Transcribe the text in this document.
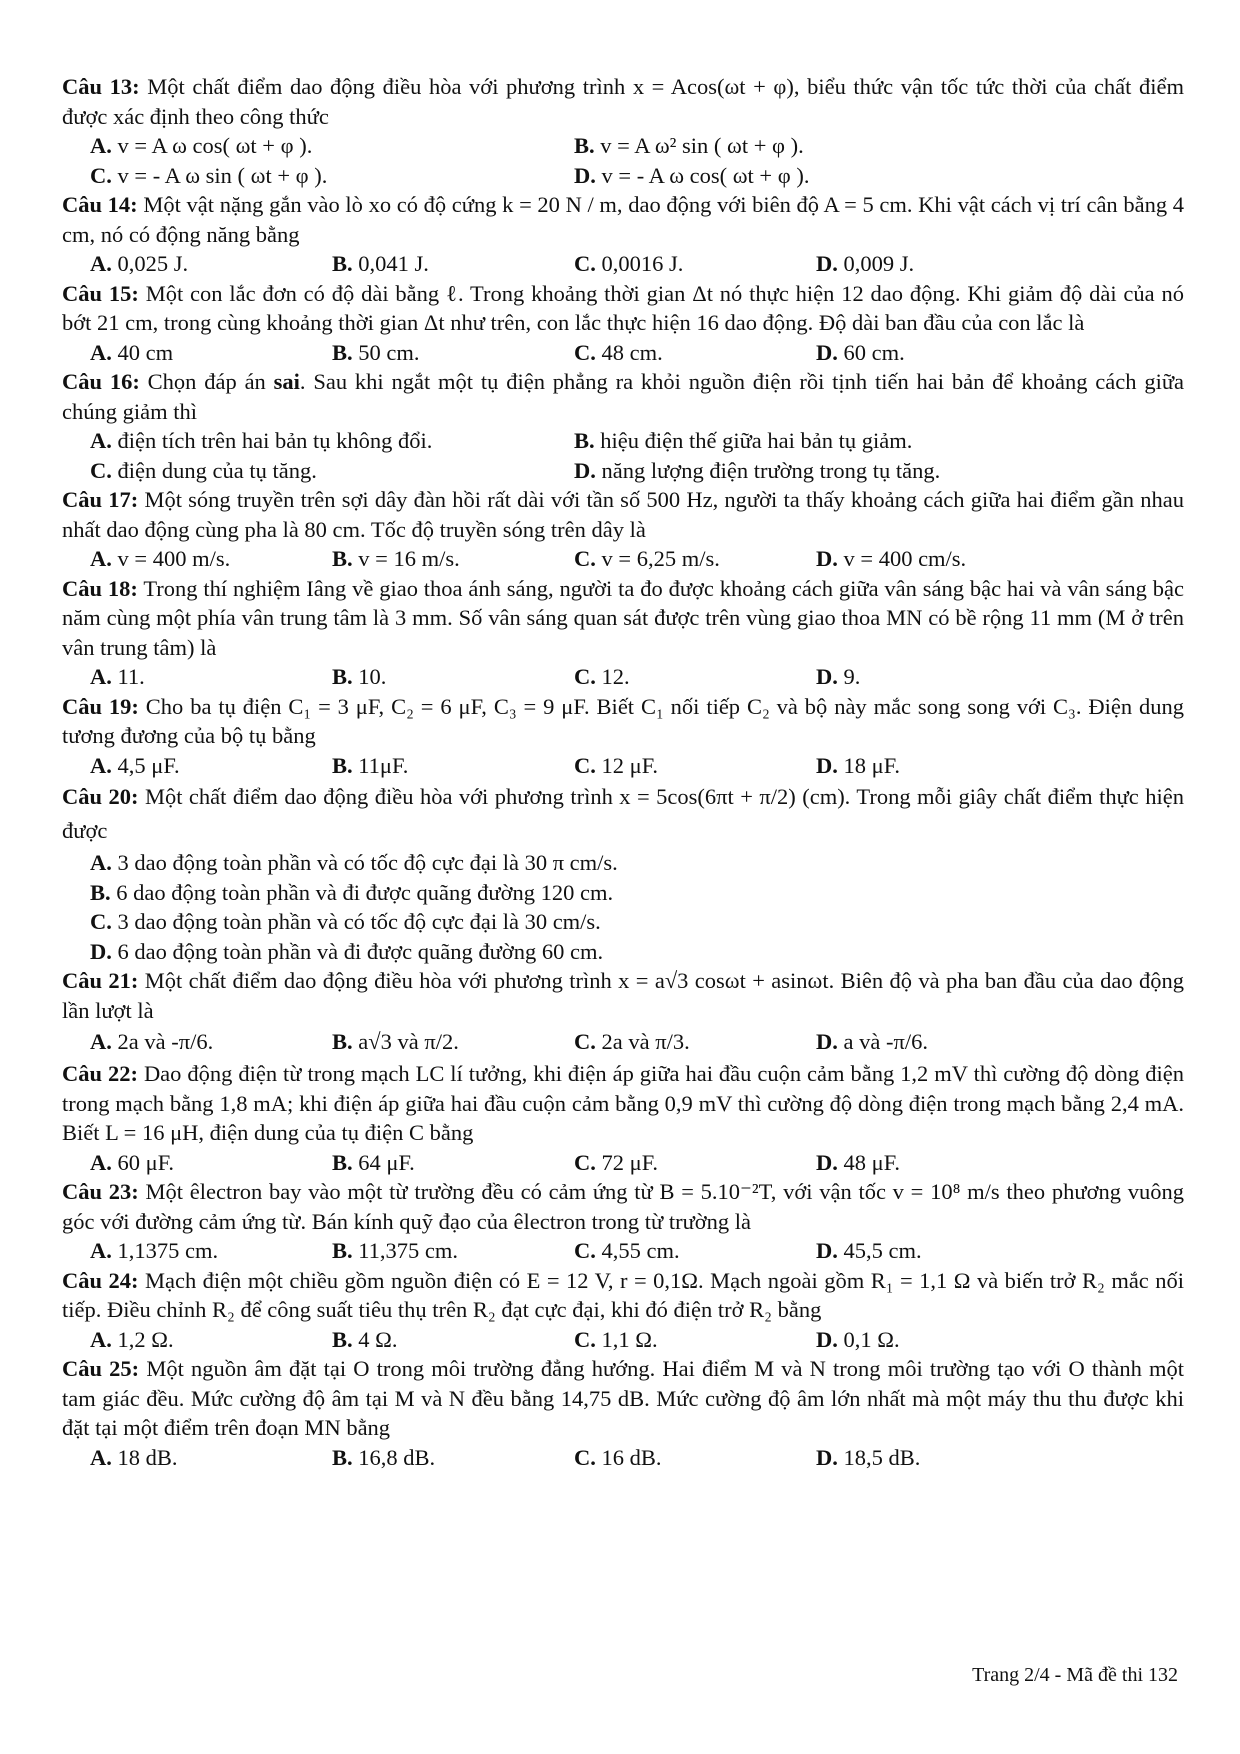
Câu 13: Một chất điểm dao động điều hòa với phương trình x = Acos(ωt + φ), biểu thức vận tốc tức thời của chất điểm được xác định theo công thức

A. v = A ω cos( ωt + φ ).	B. v = A ω² sin ( ωt + φ ).
C. v = - A ω sin ( ωt + φ ).	D. v = - A ω cos( ωt + φ ).

Câu 14: Một vật nặng gắn vào lò xo có độ cứng k = 20 N / m, dao động với biên độ A = 5 cm. Khi vật cách vị trí cân bằng 4 cm, nó có động năng bằng

A. 0,025 J.	B. 0,041 J.	C. 0,0016 J.	D. 0,009 J.

Câu 15: Một con lắc đơn có độ dài bằng ℓ. Trong khoảng thời gian Δt nó thực hiện 12 dao động. Khi giảm độ dài của nó bớt 21 cm, trong cùng khoảng thời gian Δt như trên, con lắc thực hiện 16 dao động. Độ dài ban đầu của con lắc là

A. 40 cm	B. 50 cm.	C. 48 cm.	D. 60 cm.

Câu 16: Chọn đáp án sai. Sau khi ngắt một tụ điện phẳng ra khỏi nguồn điện rồi tịnh tiến hai bản để khoảng cách giữa chúng giảm thì

A. điện tích trên hai bản tụ không đổi.	B. hiệu điện thế giữa hai bản tụ giảm.
C. điện dung của tụ tăng.	D. năng lượng điện trường trong tụ tăng.

Câu 17: Một sóng truyền trên sợi dây đàn hồi rất dài với tần số 500 Hz, người ta thấy khoảng cách giữa hai điểm gần nhau nhất dao động cùng pha là 80 cm. Tốc độ truyền sóng trên dây là

A. v = 400 m/s.	B. v = 16 m/s.	C. v = 6,25 m/s.	D. v = 400 cm/s.

Câu 18: Trong thí nghiệm Iâng về giao thoa ánh sáng, người ta đo được khoảng cách giữa vân sáng bậc hai và vân sáng bậc năm cùng một phía vân trung tâm là 3 mm. Số vân sáng quan sát được trên vùng giao thoa MN có bề rộng 11 mm (M ở trên vân trung tâm) là

A. 11.	B. 10.	C. 12.	D. 9.

Câu 19: Cho ba tụ điện C₁ = 3 μF, C₂ = 6 μF, C₃ = 9 μF. Biết C₁ nối tiếp C₂ và bộ này mắc song song với C₃. Điện dung tương đương của bộ tụ bằng

A. 4,5 μF.	B. 11μF.	C. 12 μF.	D. 18 μF.

Câu 20: Một chất điểm dao động điều hòa với phương trình x = 5cos(6πt + π/2) (cm). Trong mỗi giây chất điểm thực hiện được

A. 3 dao động toàn phần và có tốc độ cực đại là 30 π cm/s.
B. 6 dao động toàn phần và đi được quãng đường 120 cm.
C. 3 dao động toàn phần và có tốc độ cực đại là 30 cm/s.
D. 6 dao động toàn phần và đi được quãng đường 60 cm.

Câu 21: Một chất điểm dao động điều hòa với phương trình x = a√3 cosωt + asinωt. Biên độ và pha ban đầu của dao động lần lượt là

A. 2a và -π/6.	B. a√3 và π/2.	C. 2a và π/3.	D. a và -π/6.

Câu 22: Dao động điện từ trong mạch LC lí tưởng, khi điện áp giữa hai đầu cuộn cảm bằng 1,2 mV thì cường độ dòng điện trong mạch bằng 1,8 mA; khi điện áp giữa hai đầu cuộn cảm bằng 0,9 mV thì cường độ dòng điện trong mạch bằng 2,4 mA. Biết L = 16 μH, điện dung của tụ điện C bằng

A. 60 μF.	B. 64 μF.	C. 72 μF.	D. 48 μF.

Câu 23: Một êlectron bay vào một từ trường đều có cảm ứng từ B = 5.10⁻²T, với vận tốc v = 10⁸ m/s theo phương vuông góc với đường cảm ứng từ. Bán kính quỹ đạo của êlectron trong từ trường là

A. 1,1375 cm.	B. 11,375 cm.	C. 4,55 cm.	D. 45,5 cm.

Câu 24: Mạch điện một chiều gồm nguồn điện có E = 12 V, r = 0,1Ω. Mạch ngoài gồm R₁ = 1,1 Ω và biến trở R₂ mắc nối tiếp. Điều chỉnh R₂ để công suất tiêu thụ trên R₂ đạt cực đại, khi đó điện trở R₂ bằng

A. 1,2 Ω.	B. 4 Ω.	C. 1,1 Ω.	D. 0,1 Ω.

Câu 25: Một nguồn âm đặt tại O trong môi trường đẳng hướng. Hai điểm M và N trong môi trường tạo với O thành một tam giác đều. Mức cường độ âm tại M và N đều bằng 14,75 dB. Mức cường độ âm lớn nhất mà một máy thu thu được khi đặt tại một điểm trên đoạn MN bằng

A. 18 dB.	B. 16,8 dB.	C. 16 dB.	D. 18,5 dB.
Trang 2/4 - Mã đề thi 132
